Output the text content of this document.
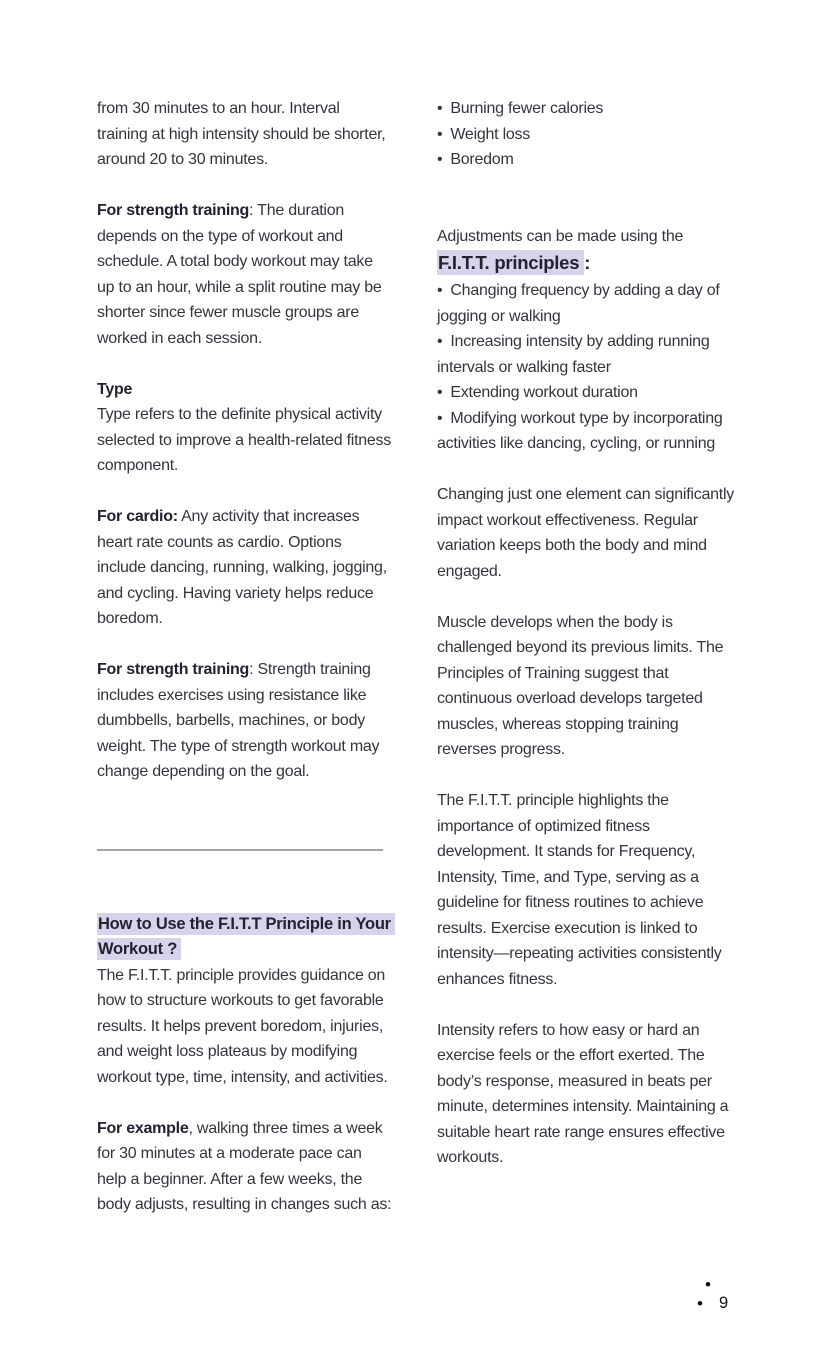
from 30 minutes to an hour. Interval training at high intensity should be shorter, around 20 to 30 minutes.

For strength training: The duration depends on the type of workout and schedule. A total body workout may take up to an hour, while a split routine may be shorter since fewer muscle groups are worked in each session.

Type

Type refers to the definite physical activity selected to improve a health-related fitness component.

For cardio: Any activity that increases heart rate counts as cardio. Options include dancing, running, walking, jogging, and cycling. Having variety helps reduce boredom.

For strength training: Strength training includes exercises using resistance like dumbbells, barbells, machines, or body weight. The type of strength workout may change depending on the goal.

How to Use the F.I.T.T Principle in Your Workout ?

The F.I.T.T. principle provides guidance on how to structure workouts to get favorable results. It helps prevent boredom, injuries, and weight loss plateaus by modifying workout type, time, intensity, and activities.

For example, walking three times a week for 30 minutes at a moderate pace can help a beginner. After a few weeks, the body adjusts, resulting in changes such as:

• Burning fewer calories

• Weight loss

• Boredom

Adjustments can be made using the

F.I.T.T. principles :

• Changing frequency by adding a day of jogging or walking

• Increasing intensity by adding running intervals or walking faster

• Extending workout duration

• Modifying workout type by incorporating activities like dancing, cycling, or running

Changing just one element can significantly impact workout effectiveness. Regular variation keeps both the body and mind engaged.

Muscle develops when the body is challenged beyond its previous limits. The Principles of Training suggest that continuous overload develops targeted muscles, whereas stopping training reverses progress.

The F.I.T.T. principle highlights the importance of optimized fitness development. It stands for Frequency, Intensity, Time, and Type, serving as a guideline for fitness routines to achieve results. Exercise execution is linked to intensity—repeating activities consistently enhances fitness.

Intensity refers to how easy or hard an exercise feels or the effort exerted. The body’s response, measured in beats per minute, determines intensity. Maintaining a suitable heart rate range ensures effective workouts.

•
• 9
